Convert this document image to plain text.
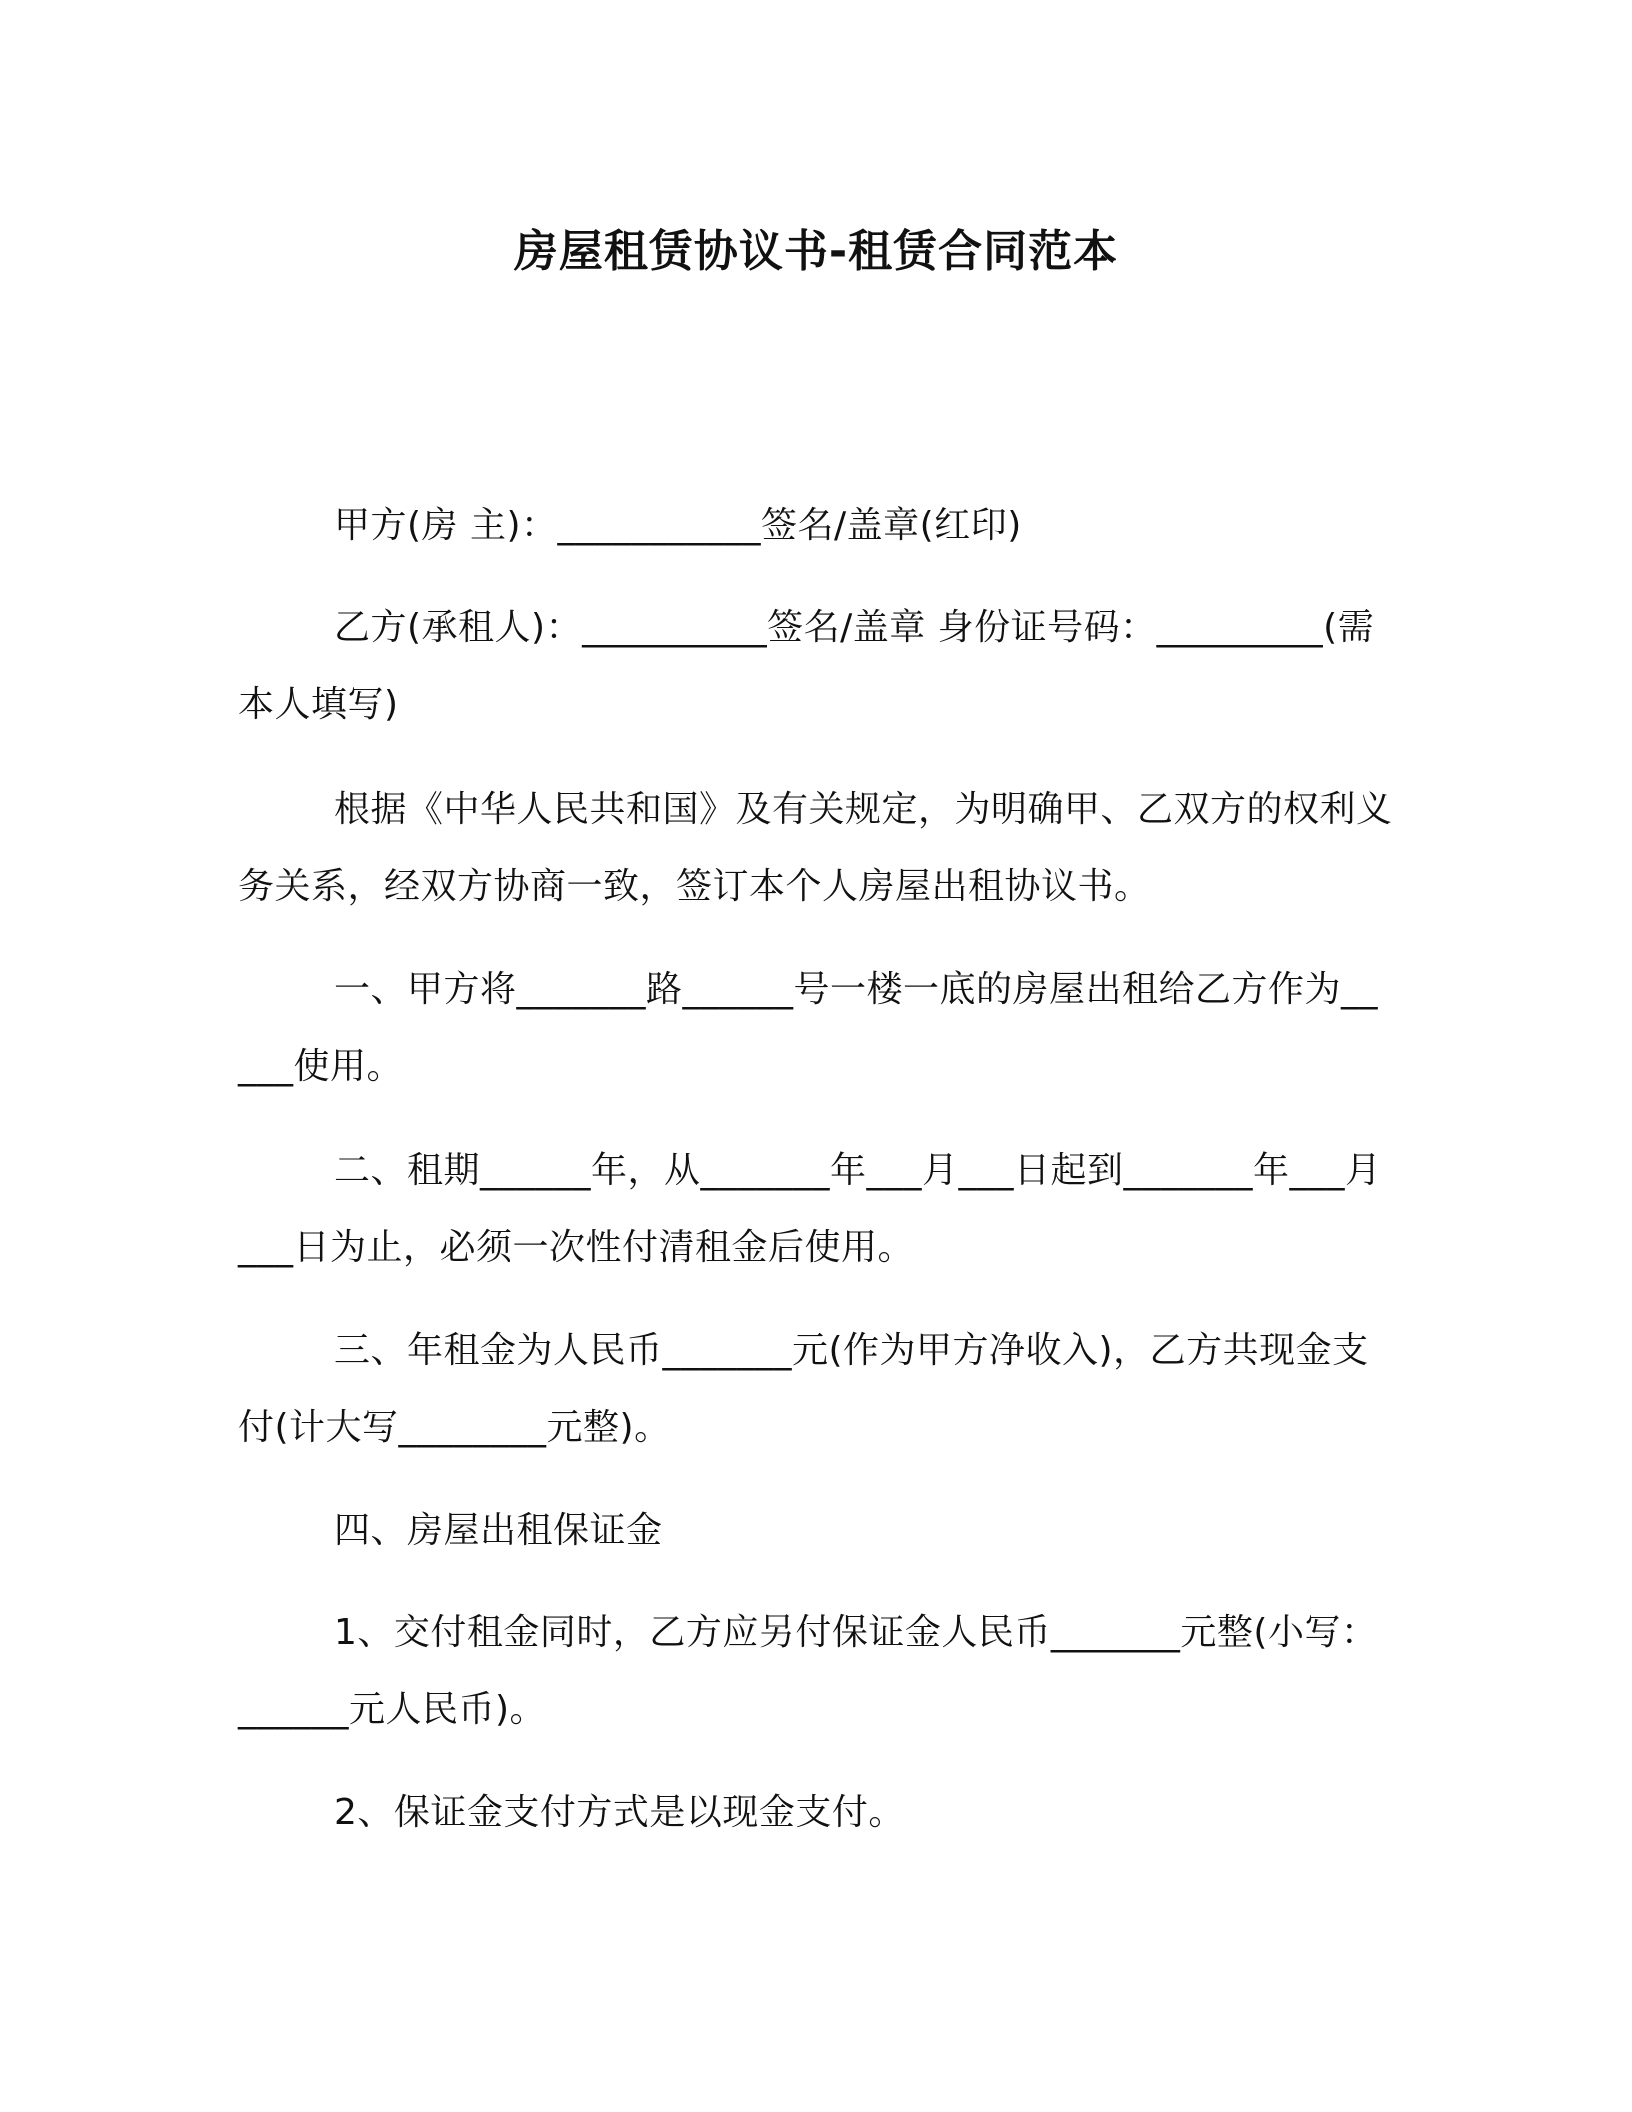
房屋租赁协议书-租赁合同范本

甲方(房 主)：___________签名/盖章(红印)

乙方(承租人)：__________签名/盖章 身份证号码：_________(需本人填写)

根据《中华人民共和国》及有关规定，为明确甲、乙双方的权利义务关系，经双方协商一致，签订本个人房屋出租协议书。

一、甲方将_______路______号一楼一底的房屋出租给乙方作为_____使用。

二、租期______年，从_______年___月___日起到_______年___月___日为止，必须一次性付清租金后使用。

三、年租金为人民币_______元(作为甲方净收入)，乙方共现金支付(计大写________元整)。

四、房屋出租保证金

1、交付租金同时，乙方应另付保证金人民币_______元整(小写：______元人民币)。

2、保证金支付方式是以现金支付。
